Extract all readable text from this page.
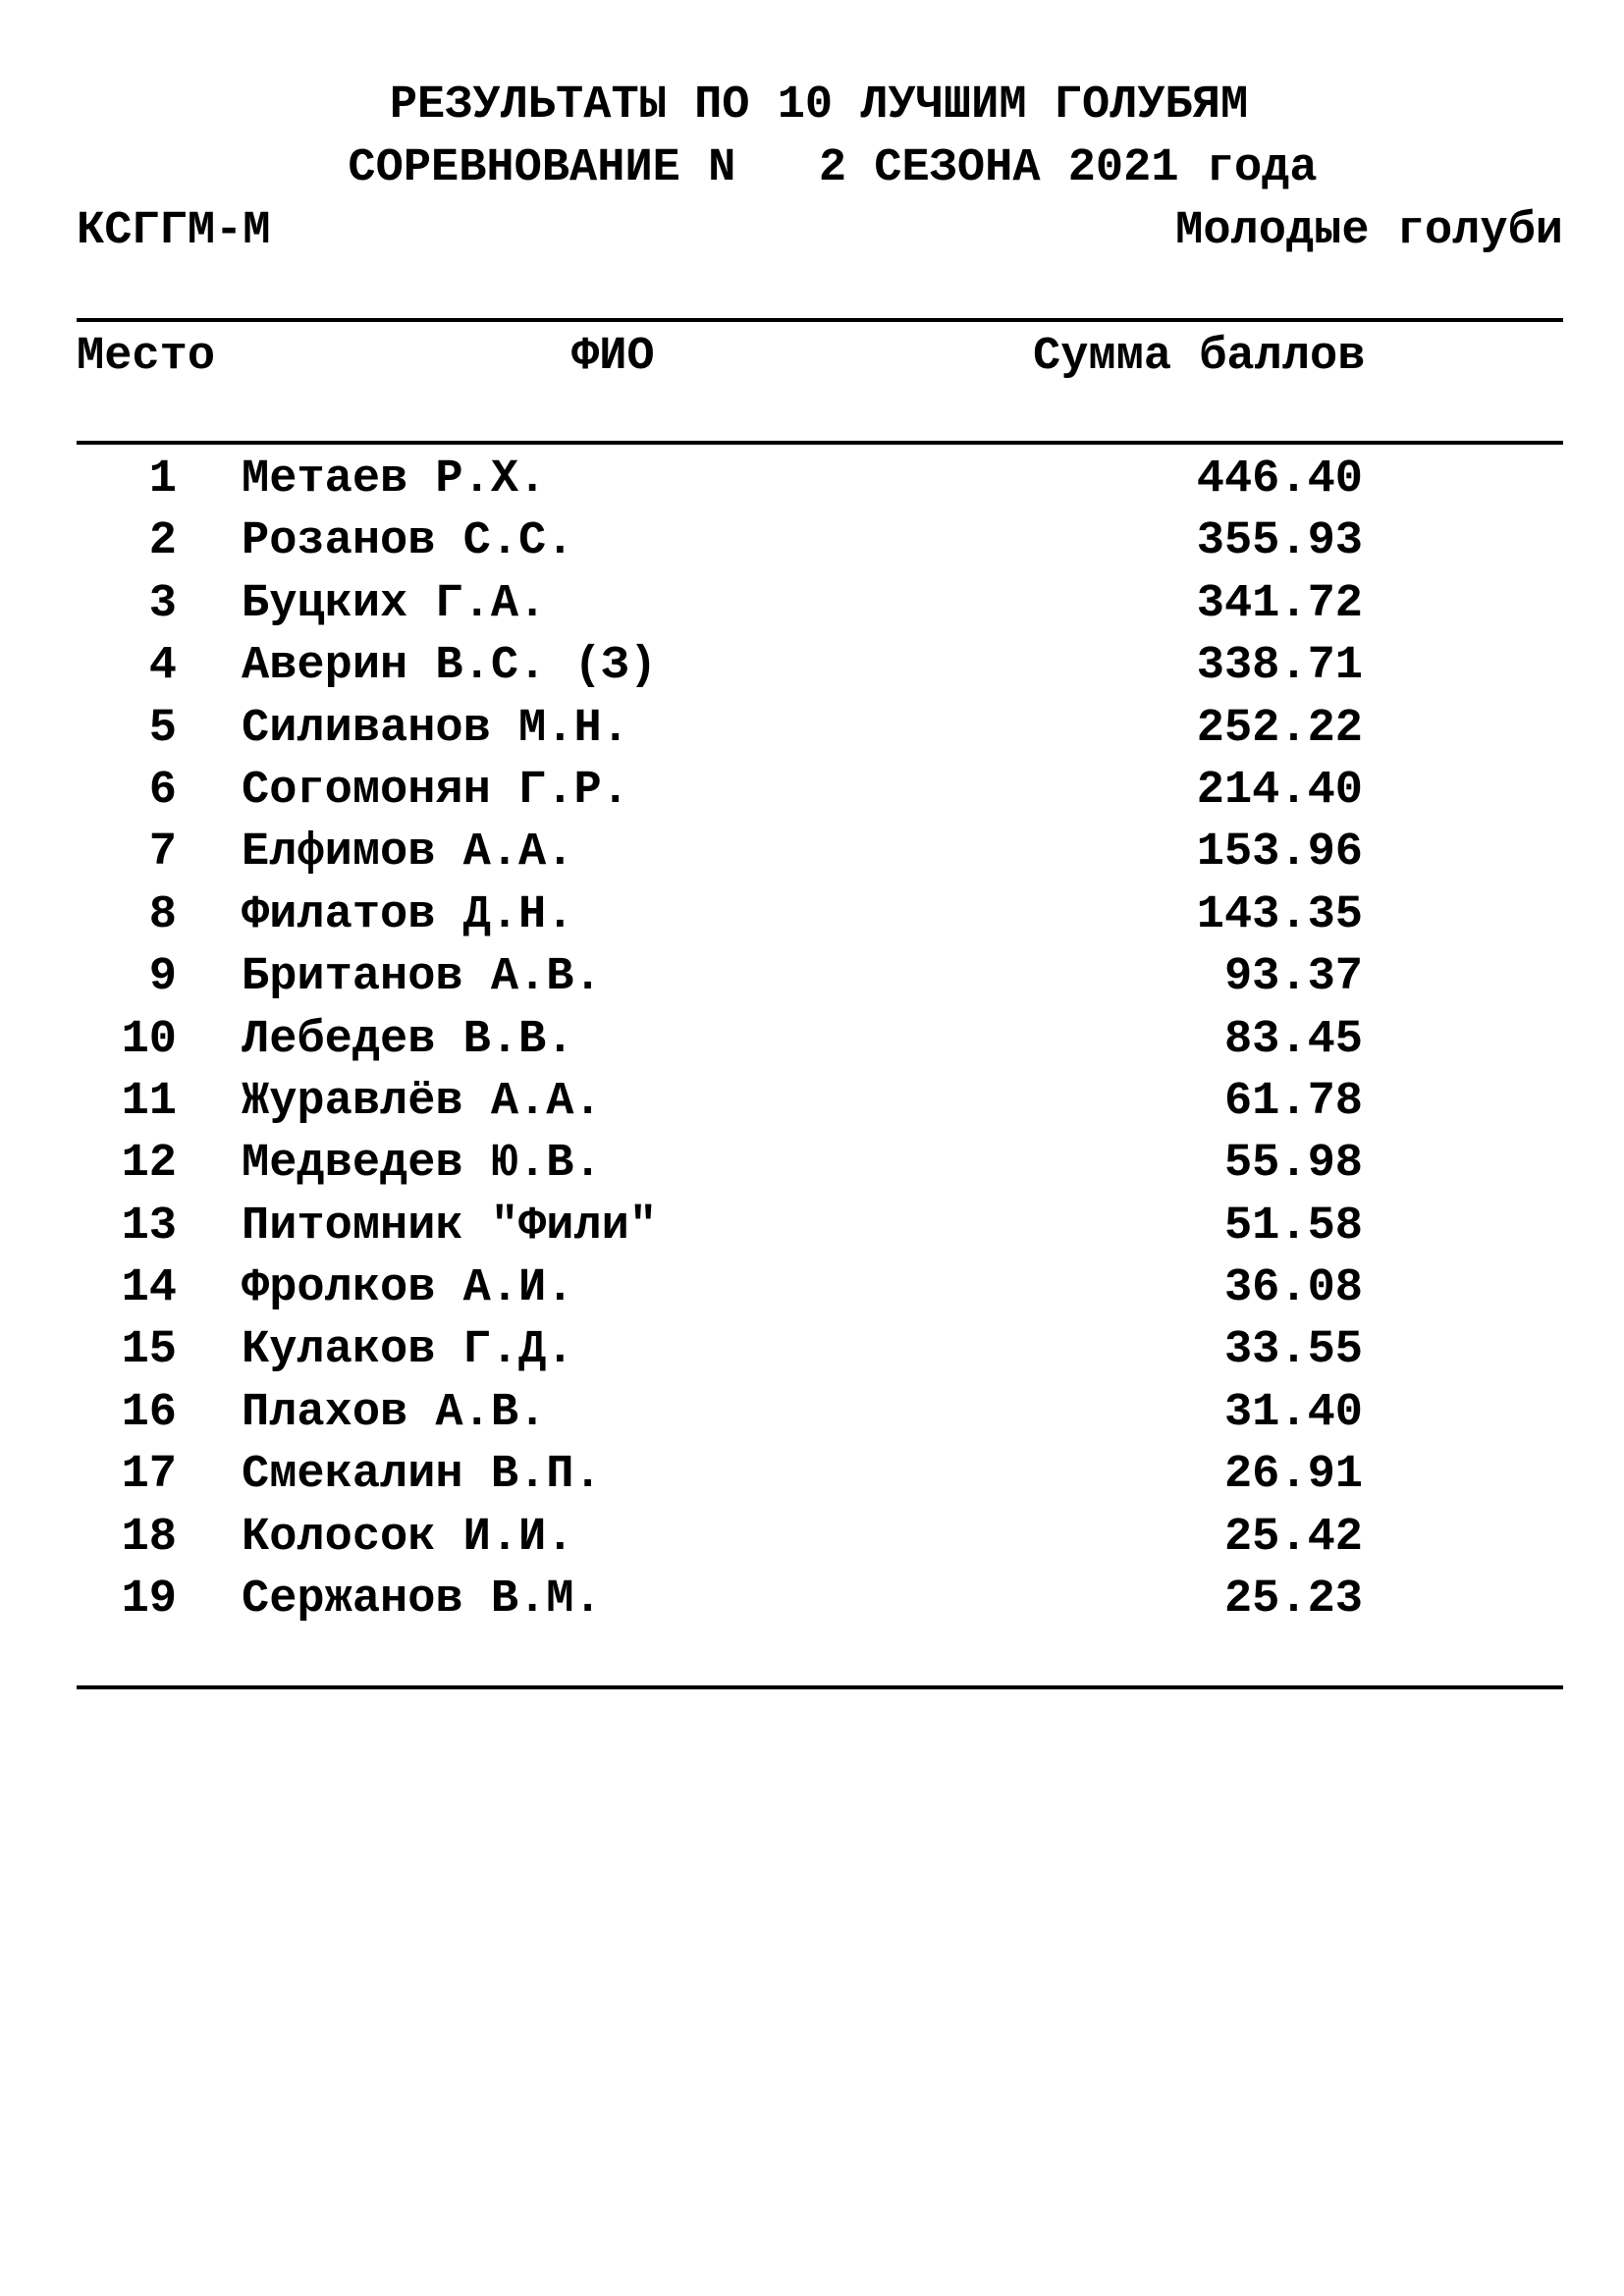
РЕЗУЛЬТАТЫ ПО 10 ЛУЧШИМ ГОЛУБЯМ
СОРЕВНОВАНИЕ N   2 СЕЗОНА 2021 года
КСГГМ-М	Молодые голуби
Место	ФИО	Сумма баллов
1 Метаев Р.Х.	446.40
2 Розанов С.С.	355.93
3 Буцких Г.А.	341.72
4 Аверин В.С. (З)	338.71
5 Силиванов М.Н.	252.22
6 Согомонян Г.Р.	214.40
7 Елфимов А.А.	153.96
8 Филатов Д.Н.	143.35
9 Британов А.В.	93.37
10 Лебедев В.В.	83.45
11 Журавлёв А.А.	61.78
12 Медведев Ю.В.	55.98
13 Питомник "Фили"	51.58
14 Фролков А.И.	36.08
15 Кулаков Г.Д.	33.55
16 Плахов А.В.	31.40
17 Смекалин В.П.	26.91
18 Колосок И.И.	25.42
19 Сержанов В.М.	25.23
